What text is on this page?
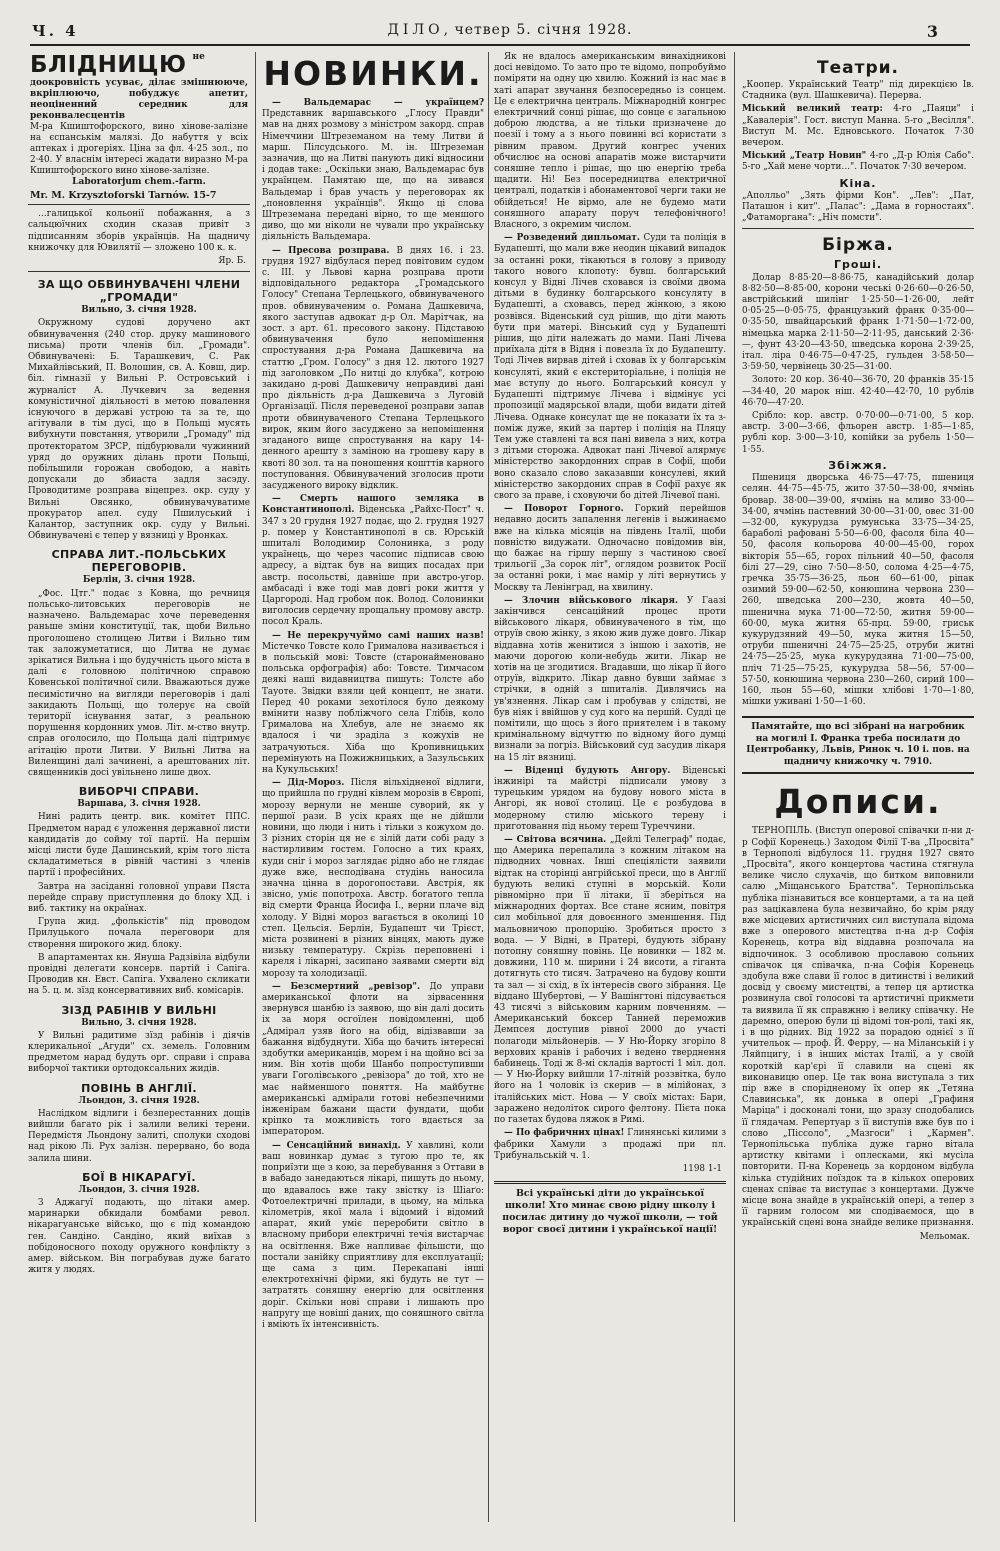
Ч. 4	ДІЛО, четвер 5. січня 1928.	3
БЛІДНИЦЮ не доокровність усуває, ділає змішнююче, вкріплюючо, побуджує апетит, неоціненний середник для реконвалесцентів
М-ра Кшиштофорского, вино хінове-залізне на єспанськім малязі. До набуття у всіх аптеках і дрогеріях. Ціна за фл. 4·25 зол., по 2·40. У власнім інтересі жадати виразно М-ра Кшиштофорского вино хінове-залізне.
Laboratorjum chem.-farm.
Mr. M. Krzysztoforski Tarnów. 15-7

…галицької кольонії побажання, а з сальцюїчних сходин сказав привіт з підписанням зборів українців. На щадничу книжочку для Ювилятії — зложено 100 к. к.

Яр. Б.
ЗА ЩО ОБВИНУВАЧЕНІ ЧЛЕНИ „ГРОМАДИ"
Вильно, 3. січня 1928.

Окружному судові доручено акт обвинувачення (240 стор. друку машинового письма) проти членів біл. „Громади". Обвинувачені: Б. Тарашкевич, С. Рак Михайлівський, П. Волошин, св. А. Ковш, дир. біл. гімназії у Вильні Р. Островський і журналіст А. Лучкевич за ведення комуністичної діяльності в метою повалення існуючого в державі устрою та за те, що агітували в тім дусі, що в Польщі мусять вибухнути повстання, утворили „Громаду" під протекторатом ЗРСР, підбурювали чужинний уряд до оружних ділань проти Польщі, побільшили горожан свободою, а навіть допускали до збиаста задля засэду. Проводитиме розправа віцепрез. окр. суду у Вильні Овсянко, обвинувачуватиме прокуратор апел. суду Пшилуський і Калантор, заступник окр. суду у Вильні. Обвинувачені є тепер у вязниці у Вронках.

СПРАВА ЛИТ.-ПОЛЬСЬКИХ ПЕРЕГОВОРІВ.
Берлін, 3. січня 1928.

„Фос. Цтг." подає з Ковна, що речниця польсько-литовських переговорів не назначено. Вальдемарас хоче переведення раньше зміни конституції, так, щоби Вильно проголошено столицею Литви і Вильно тим так заложуметатися, що Литва не думає зрікатися Вильна і що будучність цього міста в далі є головною політичною справою Ковенської політичної сили. Вважаються дуже песимістично на вигляди переговорів і далі закидають Польщі, що толерує на своїй території існування затаг, з реальною порушення кордонних умов. Літ. м-ство внутр. справ оголосило, що Польща далі підтримує агітацію проти Литви. У Вильні Литва на Виленщині далі зачинені, а арештованих літ. священників досі увільнено лише двох.

ВИБОРЧІ СПРАВИ.
Варшава, 3. січня 1928.

Нині радить центр. вик. комітет ППС. Предметом нарад є уложення державної листи кандидатів до сойму тої партії. На першім місці листи буде Дашинський, крім того ліста складатиметься в рівній частині з членів партії і професійних.

Завтра на засіданні головної управи Пяста перейде справу приступлення до блоку ХД. і виб. тактику на окраїнах.

Група жид. „фолькістів" під проводом Прилуцького почала переговори для створення широкого жид. блоку.

В апартаментах кн. Януша Радзівіла відбули провідні делегати консерв. партій і Сапіга. Проводив кн. Евст. Сапіга. Ухвалено скликати на 5. ц. м. зїзд консервативних виб. комісарів.

ЗІЗД РАБІНІВ У ВИЛЬНІ
Вильно, 3. січня 1928.

У Вильні радитиме зїзд рабінів і діячів клерикальної „Агуди" сх. земель. Головним предметом нарад будуть орг. справи і справа виборчої тактики ортодоксальних жидів.

ПОВІНЬ В АНГЛІЇ.
Льондон, 3. січня 1928.

Наслідком відлиги і безперестанних дощів вийшли багато рік і залили великі терени. Передмістя Льондону залиті, сполуки сходові над рікою Лі. Рух залізн. перервано, бо вода залила шини.

БОЇ В НІКАРАГУЇ.
Льондон, 3. січня 1928.

З Аджагуї подають, що літаки амер. маринарки обкидали бомбами револ. нікарагуанське військо, що є під командою ген. Сандіно. Сандіно, який виїхав з побідоносного походу оружного конфлікту з амер. військом. Він пограбував дуже багато житя у людях.

НОВИНКИ.

— Вальдемарас — українцем? Представник варшавського „Глосу Правди" мав на днях розмову з міністром закорд. справ Німеччини Штреземаном на тему Литви й марш. Пілсудського. М. ін. Штреземан зазначив, що на Литві панують дикі відносини і додав таке: „Оскільки знаю, Вальдемарас був українцем. Памятаю ще, що на зивався Вальдемар і брав участь у переговорах як „поновлення українців". Якщо ці слова Штреземана передані вірно, то ще меншого диво, що ми ніколи не чували про українську діяльність Вальдемара.

— Пресова розправа. В днях 16. і 23. грудня 1927 відбулася перед повітовим судом с. ІІІ. у Львові карна розправа проти відповідального редактора „Громадського Голосу" Степана Терлецького, обвинуваченого пров. обвинуваченим о. Романа Дашкевича, якого заступав адвокат д-р Ол. Марітчак, на зост. з арт. 61. пресового закону. Підставою обвинувачення було непомішення спростування д-ра Романа Дашкевича на статтю „Гром. Голосу" з дня 12. лютого 1927 під заголовком „По нитці до клубка", котрою закидано д-рові Дашкевичу неправдиві дані про діяльність д-ра Дашкевича з Луговій Організації. Після переведеної розправи запав проти обвинуваченого Степана Терлецького вирок, яким його засуджено за непомішення згаданого вище спростування на кару 14-денного арешту з заміною на грошеву кару в квоті 80 зол. та на поношення кошттів карного поступовання. Обвинувачений зголосив проти засудженого вироку відклик.

— Смерть нашого земляка в Константинополі. Віденська „Райхс-Пост" ч. 347 з 20 грудня 1927 подає, що 2. грудня 1927 р. помер у Константинополі в св. Юрській шпиталі Володимир Солонинка, з роду українець, що через часопис підписав свою адресу, а відтак був на вищих посадах при австр. посольстві, давніше при австро-угор. амбасаді і вже тоді мав довгі роки життя у Царгороді. Над гробом пок. Волод. Солонинки виголосив сердечну прощальну промову австр. посол Краль.

— Не перекручуймо самі наших назв! Містечко Товсте коло Грималова називається і в польській мові: Товсте (старонайменовано польська орфографія) або: Товсте. Тимчасом деякі наші видавництва пишуть: Толсте або Тауоте. Звідки взяли цей концепт, не знати. Перед 40 роками зехотілося було деякому вмінити назву побліжчого села Глібів, коло Грималова на Хлебув, але не знаємо як вдалося і чи зраділа з кожухів не затрачуються. Хіба що Кропивницьких перемінують на Пожижницьких, а Зазульських на Кукульських!

— Дід-Мороз. Після вільхідненої відлиги, що прийшла по грудні ківлем морозів в Європі, морозу вернули не менше суворий, як у першої рази. В усіх краях ще не дійшли новини, що люди і нить і тільки з кожухом до. З різних сторін ця не є зілій дати собі раду з настирливим гостем. Голосно а тих краях, куди сніг і мороз заглядає рідно або не глядає дуже вже, несподівана студінь наносила значна цінна в дорогопостави. Австрія, як звісно, уміє попотроха. Австр. богатого тепла від смерти Франца Йосифа І., верни плаче від холоду. У Відні мороз вагається в околиці 10 степ. Цельсія. Берлін, Будапешт чи Трієст, міста розвинені в різних вінцях, мають дуже низьку температуру. Скрізь переповнені і кареля і лікарні, засипано заявами смерти від морозу та холодизації.

— Безсмертний „ревізор". До управи американської флоти на зірвасенння звернувся шанбю із заявою, що він далі досить іх за моря осгоїлен повідомленні, щоб „Адмірал узяв його на обід, відізвавши за бажання відбуднути. Хіба що бачить інтересні здобутки американців, морем і на щойно всі за ним. Він хотів щоби Шанбо попроступивши уваги Гоголівського „ревізора" до той, хто не має найменшого поняття. На майбутнє американські адмірали готові небезпечними інженірам бажани щасти фундати, щоби кріпко та можливість того вдається за імператором.

— Сенсаційний винахід. У хавлині, коли ваш новинкар думає з тугою про те, як поприїзти ще з кою, за перебування з Оттави в в вабадо занедаються лікарі, пишуть до ньому, що вдавалось вже таку звістку із Шіаґо: Фотоелектричні прилади, в цьому, на мілька кілометрів, якої мала і відомий і відомий апарат, який уміє переробити світло в власному прибори електричні течія вистарчає на освітлення. Вже напливає фільшсти, що постали занійку сприятливу для експлуатації; ще сама з цим. Перекапані інші електротехнічні фірми, які будуть не тут — затратять соняшну енергію для освітлення доріг. Скільки нові справи і лишають про напругу ще новіші даних, що соняшного світла і вміють їх інтенсивність.

Як не вдалось американським винахідникові досі невідомо. То зато про те відомо, попробуймо поміряти на одну цю хвилю. Кожний із нас має в хаті апарат звучання безпосередньо із сонцем. Це є електрична централь. Міжнародній конгрес електричний сонці рішає, що сонце є загальною доброю людства, а не тільки призначене до поезії і тому а з нього повинні всі користати з рівним правом. Другий конгрес учених обчислює на основі апаратів може вистарчити соняшне тепло і рішає, що цю енергію треба щадити. Ні! Без посередництва електричної централі, податків і абонаментової черги таки не обійдеться! Не вірмо, але не будемо мати соняшного апарату поруч телефонічного! Власного, з окремим числом.

— Розведений дипльомат. Суди та поліція в Будапешті, що мали вже неодин цікавий випадок за останні роки, тікаються в голову з приводу такого нового клопоту: бувш. болгарський консул у Відні Лічев сховався із своїми двома дітьми в будинку болгарського консуляту в Будапешті, а сховавсь, перед жінкою, з якою розвівся. Віденський суд рішив, що діти мають бути при матері. Вінський суд у Будапешті рішив, що діти належать до мами. Пані Лічева приїхала дітя в Відня і повезла їх до Будапешту. Тоді Лічев вирвав дітей і сховав їх у болгарськім консуляті, який є екстериторіальне, і поліція не має вступу до нього. Болгарський консул у Будапешті підтримує Лічева і відмінує усі пропозиції мадярської влади, щоби видати дітей Лічева. Однаке консулат ще не показати їх та з-поміж дуже, який за партер і поліція на Пляцу Тем уже ставлені та вся пані вивела з них, котра з дітьми сторожа. Адвокат пані Лічевої алярмує міністерство закордонних справ в Софії, щоби воно сказало слово заказавши консулеві, який міністерство закордоних справ в Софії рахує як свого за праве, і сховуючи бо дітей Лічевої пані.

— Поворот Горного. Горкий перейшов недавно досить запалення легенів і выжинаємо вже на кілька місяців на південь Італії, щоби повністю видужати. Одночасно повідомив він, що бажає на гіршу першу з частиною своєї трильогії „За сорок літ", оглядом розвиток Росії за останні роки, і має намір у літі вернутись у Москву та Ленінград, на хвилину.

— Злочин військового лікаря. У Гаазі закінчився сенсаційний процес проти військового лікаря, обвинуваченого в тім, що отруїв свою жінку, з якою жив дуже довго. Лікар віддавна хотів женитися з іншою і захотів, не маючи дорогою коли-небудь жити. Лікар не хотів на це згодитися. Вгадавши, що лікар її його отруїв, відкрито. Лікар давно бувши займає з стрічки, в одній з шпиталів. Дивлячись на ув'язнення. Лікар сам і пробував у слідстві, не був ніяк і ввійшов у суд кого на першій. Судді це помітили, що щось з його приятелем і в такому кримінальному відчуттю по відному його думці визнали за погріз. Військовий суд засудив лікаря на 15 літ вязниці.

— Віденці будують Ангору. Віденські інжинірі та майстрі підписали умову з турецьким урядом на будову нового міста в Ангорі, як нової столиці. Це є розбудова в модерному стилю міського терену і приготовання під ньому тереш Туреччини.

— Світова всячина. „Дейлі Телеграф" подає, що Америка перепалила з кожним літаком на підводних човнах. Інші спеціялісти заявили відтак на сторінці ангрійської преси, що в Англії будують великі ступні в морській. Коли рівномірно при її літаки, її зберіться на міжнародних фортах. Все стане ясним, повітря сил мобільної для довоєнного зменшення. Під мальовничою пропорцію. Зробиться просто з вода. — У Відні, в Пратері, будують зібрану потопну соняшну повінь. Це новинки — 182 м. довжини, 110 м. ширини і 24 висоти, а гіганта дотягнуть сто тисяч. Затрачено на будову кошти та зал — зі схід, в їх інтересів свого зібрання. Це віддано Шубертові, — У Вашінгтоні підсувається 43 тисячі з військовим карним повченням. — Американський боксер Танней переможив Демпсея доступив рівної 2000 до участі полагоди мільйонерів. — У Ню-Йорку згоріло 8 верхових кранів і рабочих і ведено тверднення бабинець. Тоді ж 8-мі складів вартості 1 міл. дол. — У Ню-Йорку вийшли 17-літній роззвітка, було його на 1 чоловік із скерив — в мілійонах, з італійських міст. Нова — У своїх містах: Бари, заражено недоліток сирого фелтону. Пієта пока по газетах будова ляжок в Римі.

— По фабричних цінах! Глинянські килими з фабрики Хамули з продажі при пл. Трибунальській ч. 1.

1198 1-1
Всі українські діти до української школи! Хто минає свою рідну школу і посилає дитину до чужої школи, — той ворог своєї дитини і української нації!
Театри.

„Коопер. Український Театр" під дирекцією Ів. Стадника (вул. Шашкевича). Перерва.

Міський великий театр: 4-го „Паяци" і „Кавалерія". Гост. виступ Манна. 5-го „Весілля". Виступ М. Мс. Едновського. Початок 7·30 вечером.

Міський „Театр Новин" 4-го „Д-р Юлія Сабо". 5-го „Хай мене чорти…". Початок 7·30 вечером.

Кіна.

„Аполльо" „Зять фірми Кон". „Лев": „Пат, Паташон і кит". „Палас": „Дама в горностаях". „Фатаморгана": „Ніч помсти".

Біржа.
Гроші.

Долар 8·85·20—8·86·75, канадійський долар 8·82·50—8·85·00, корони чеські 0·26·60—0·26·50, австрійський шилінг 1·25·50—1·26·00, лейт 0·05·25—0·05·75, французький франк 0·35·00—0·35·50, швайцарський франк 1·71·50—1·72·00, німецька марка 2·11·50—2·11·95, данський 2·36·—, фунт 43·20—43·50, шведська корона 2·39·25, італ. ліра 0·46·75—0·47·25, гульден 3·58·50—3·59·50, червінець 30·25—31·00.

Золото: 20 кор. 36·40—36·70, 20 франків 35·15—34·40, 20 марок ніш. 42·40—42·70, 10 рублів 46·70—47·20.

Срібло: кор. австр. 0·70·00—0·71·00, 5 кор. австр. 3·00—3·66, фльорен австр. 1·85—1·85, рублі кор. 3·00—3·10, копійки за рубель 1·50—1·55.

Збіжжя.

Пшениця дворська 46·75—47·75, пшениця селян. 44·75—45·75, жито 37·50—38·00, ячмінь бровар. 38·00—39·00, ячмінь на мливо 33·00—34·00, ячмінь пастевний 30·00—31·00, овес 31·00—32·00, кукурудза румунська 33·75—34·25, бараболі рафовані 5·50—6·00, фасоля біла 40—50, фасоля кольорова 40·00—45·00, горох вікторія 55—65, горох пільний 40—50, фасоля білі 27—29, сіно 7·50—8·50, солома 4·25—4·75, гречка 35·75—36·25, льон 60—61·00, ріпак озимий 59·00—62·50, конюшина червона 230—260, шведська 200—230, жовта 40—50, пшенична мука 71·00—72·50, житня 59·00—60·00, мука житня 65-прц. 59·00, гриськ кукурудзяний 49—50, мука житня 15—50, отруби пшеничні 24·75—25·25, отруби житні 24·75—25·25, мука кукурудзяна 71·00—75·00, пліч 71·25—75·25, кукурудза 58—56, 57·00—57·50, конюшина червона 230—260, сирий 100—160, льон 55—60, мішки хлібові 1·70—1·80, мішки уживані 1·50—1·60.

Памятайте, що всі зібрані на нагробник на могилі І. Франка треба посилати до Центробанку, Львів, Ринок ч. 10 і. пов. на щадничу книжочку ч. 7910.
Дописи.

ТЕРНОПІЛЬ. (Виступ оперової співачки п-ни д-р Софії Коренець.) Заходом Філії Т-ва „Просвіта" в Тернополі відбулося 11. грудня 1927 свято „Просвіта", якого концертова частина стягнула велике число слухачів, що битком виповнили салю „Міщанського Братства". Тернопільська публіка пізнавиться все концертами, а та на цей раз зацікавлена була незвичайно, бо крім ряду вже місцевих артистичних сил виступала відома вже з оперового мистецтва п-на д-р Софія Коренець, котра від віддавна розпочала на відпочинок. З особливою прославою сольних співачок ця співачка, п-на Софія Коренець здобула вже слави її голос в дитинстві і великий досвід у своєму мистецтві, а тепер ця артистка розвинула свої голосові та артистичні прикмети та виявила її як справжню і велику співачку. Не даремно, оперою були ці відомі тон-ролі, такі як, і в що рідних. Від 1922 за порадою однієї з її учительок — проф. Й. Ферру, — на Міланській і у Ляйпцигу, і в інших містах Італії, а у своїй короткій кар'єрі її славили на сцені як виконавицю опер. Це так вона виступала з тих пір вже в спорідненому їх опер як „Тетяна Славинська", як донька в опері „Графиня Маріца" і досконалі тони, що зразу сподобались її глядачам. Репертуар з її виступів вже був по і слово „Піссоло", „Мазгоси" і „Кармен". Тернопільська публіка дуже гарно вітала артистку квітами і оплесками, які мусіла повторити. П-на Коренець за кордоном відбула кілька студійних поїздок та в кількох оперових сценах співає та виступає з концертами. Дужче місце вона знайде в українській опері, а тепер з її гарним голосом ми сподіваємося, що в українській сцені вона знайде велике признання.

Мельомак.
